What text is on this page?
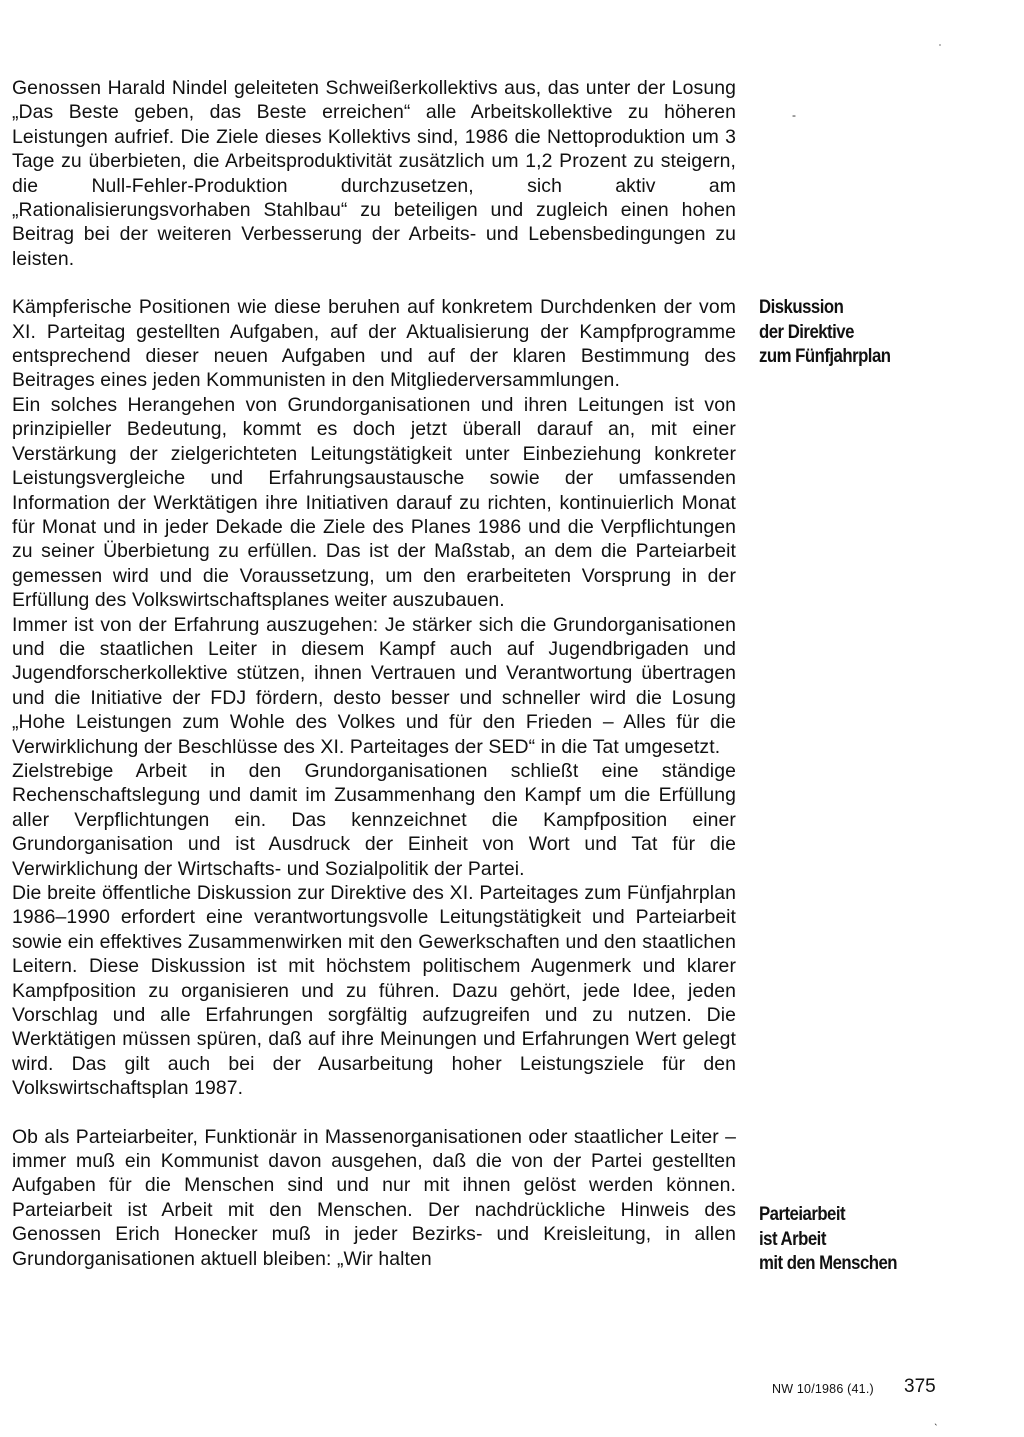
Genossen Harald Nindel geleiteten Schweißerkollektivs aus, das unter der Losung „Das Beste geben, das Beste erreichen“ alle Arbeitskollektive zu höheren Leistungen aufrief. Die Ziele dieses Kollektivs sind, 1986 die Nettoproduktion um 3 Tage zu überbieten, die Arbeitsproduktivität zusätzlich um 1,2 Prozent zu steigern, die Null-Fehler-Produktion durchzusetzen, sich aktiv am „Rationalisierungsvorhaben Stahlbau“ zu beteiligen und zugleich einen hohen Beitrag bei der weiteren Verbesserung der Arbeits- und Lebensbedingungen zu leisten.

Kämpferische Positionen wie diese beruhen auf konkretem Durchdenken der vom XI. Parteitag gestellten Aufgaben, auf der Aktualisierung der Kampfprogramme entsprechend dieser neuen Aufgaben und auf der klaren Bestimmung des Beitrages eines jeden Kommunisten in den Mitgliederversammlungen.

Ein solches Herangehen von Grundorganisationen und ihren Leitungen ist von prinzipieller Bedeutung, kommt es doch jetzt überall darauf an, mit einer Verstärkung der zielgerichteten Leitungstätigkeit unter Einbeziehung konkreter Leistungsvergleiche und Erfahrungsaustausche sowie der umfassenden Information der Werktätigen ihre Initiativen darauf zu richten, kontinuierlich Monat für Monat und in jeder Dekade die Ziele des Planes 1986 und die Verpflichtungen zu seiner Überbietung zu erfüllen. Das ist der Maßstab, an dem die Parteiarbeit gemessen wird und die Voraussetzung, um den erarbeiteten Vorsprung in der Erfüllung des Volkswirtschaftsplanes weiter auszubauen.

Immer ist von der Erfahrung auszugehen: Je stärker sich die Grundorganisationen und die staatlichen Leiter in diesem Kampf auch auf Jugendbrigaden und Jugendforscherkollektive stützen, ihnen Vertrauen und Verantwortung übertragen und die Initiative der FDJ fördern, desto besser und schneller wird die Losung „Hohe Leistungen zum Wohle des Volkes und für den Frieden – Alles für die Verwirklichung der Beschlüsse des XI. Parteitages der SED“ in die Tat umgesetzt.

Zielstrebige Arbeit in den Grundorganisationen schließt eine ständige Rechenschaftslegung und damit im Zusammenhang den Kampf um die Erfüllung aller Verpflichtungen ein. Das kennzeichnet die Kampfposition einer Grundorganisation und ist Ausdruck der Einheit von Wort und Tat für die Verwirklichung der Wirtschafts- und Sozialpolitik der Partei.

Die breite öffentliche Diskussion zur Direktive des XI. Parteitages zum Fünfjahrplan 1986–1990 erfordert eine verantwortungsvolle Leitungstätigkeit und Parteiarbeit sowie ein effektives Zusammenwirken mit den Gewerkschaften und den staatlichen Leitern. Diese Diskussion ist mit höchstem politischem Augenmerk und klarer Kampfposition zu organisieren und zu führen. Dazu gehört, jede Idee, jeden Vorschlag und alle Erfahrungen sorgfältig aufzugreifen und zu nutzen. Die Werktätigen müssen spüren, daß auf ihre Meinungen und Erfahrungen Wert gelegt wird. Das gilt auch bei der Ausarbeitung hoher Leistungsziele für den Volkswirtschaftsplan 1987.

Ob als Parteiarbeiter, Funktionär in Massenorganisationen oder staatlicher Leiter – immer muß ein Kommunist davon ausgehen, daß die von der Partei gestellten Aufgaben für die Menschen sind und nur mit ihnen gelöst werden können. Parteiarbeit ist Arbeit mit den Menschen. Der nachdrückliche Hinweis des Genossen Erich Honecker muß in jeder Bezirks- und Kreisleitung, in allen Grundorganisationen aktuell bleiben: „Wir halten

Diskussion
der Direktive
zum Fünfjahrplan
Parteiarbeit
ist Arbeit
mit den Menschen
NW 10/1986 (41.) 375
ˈ
-
ˎ
